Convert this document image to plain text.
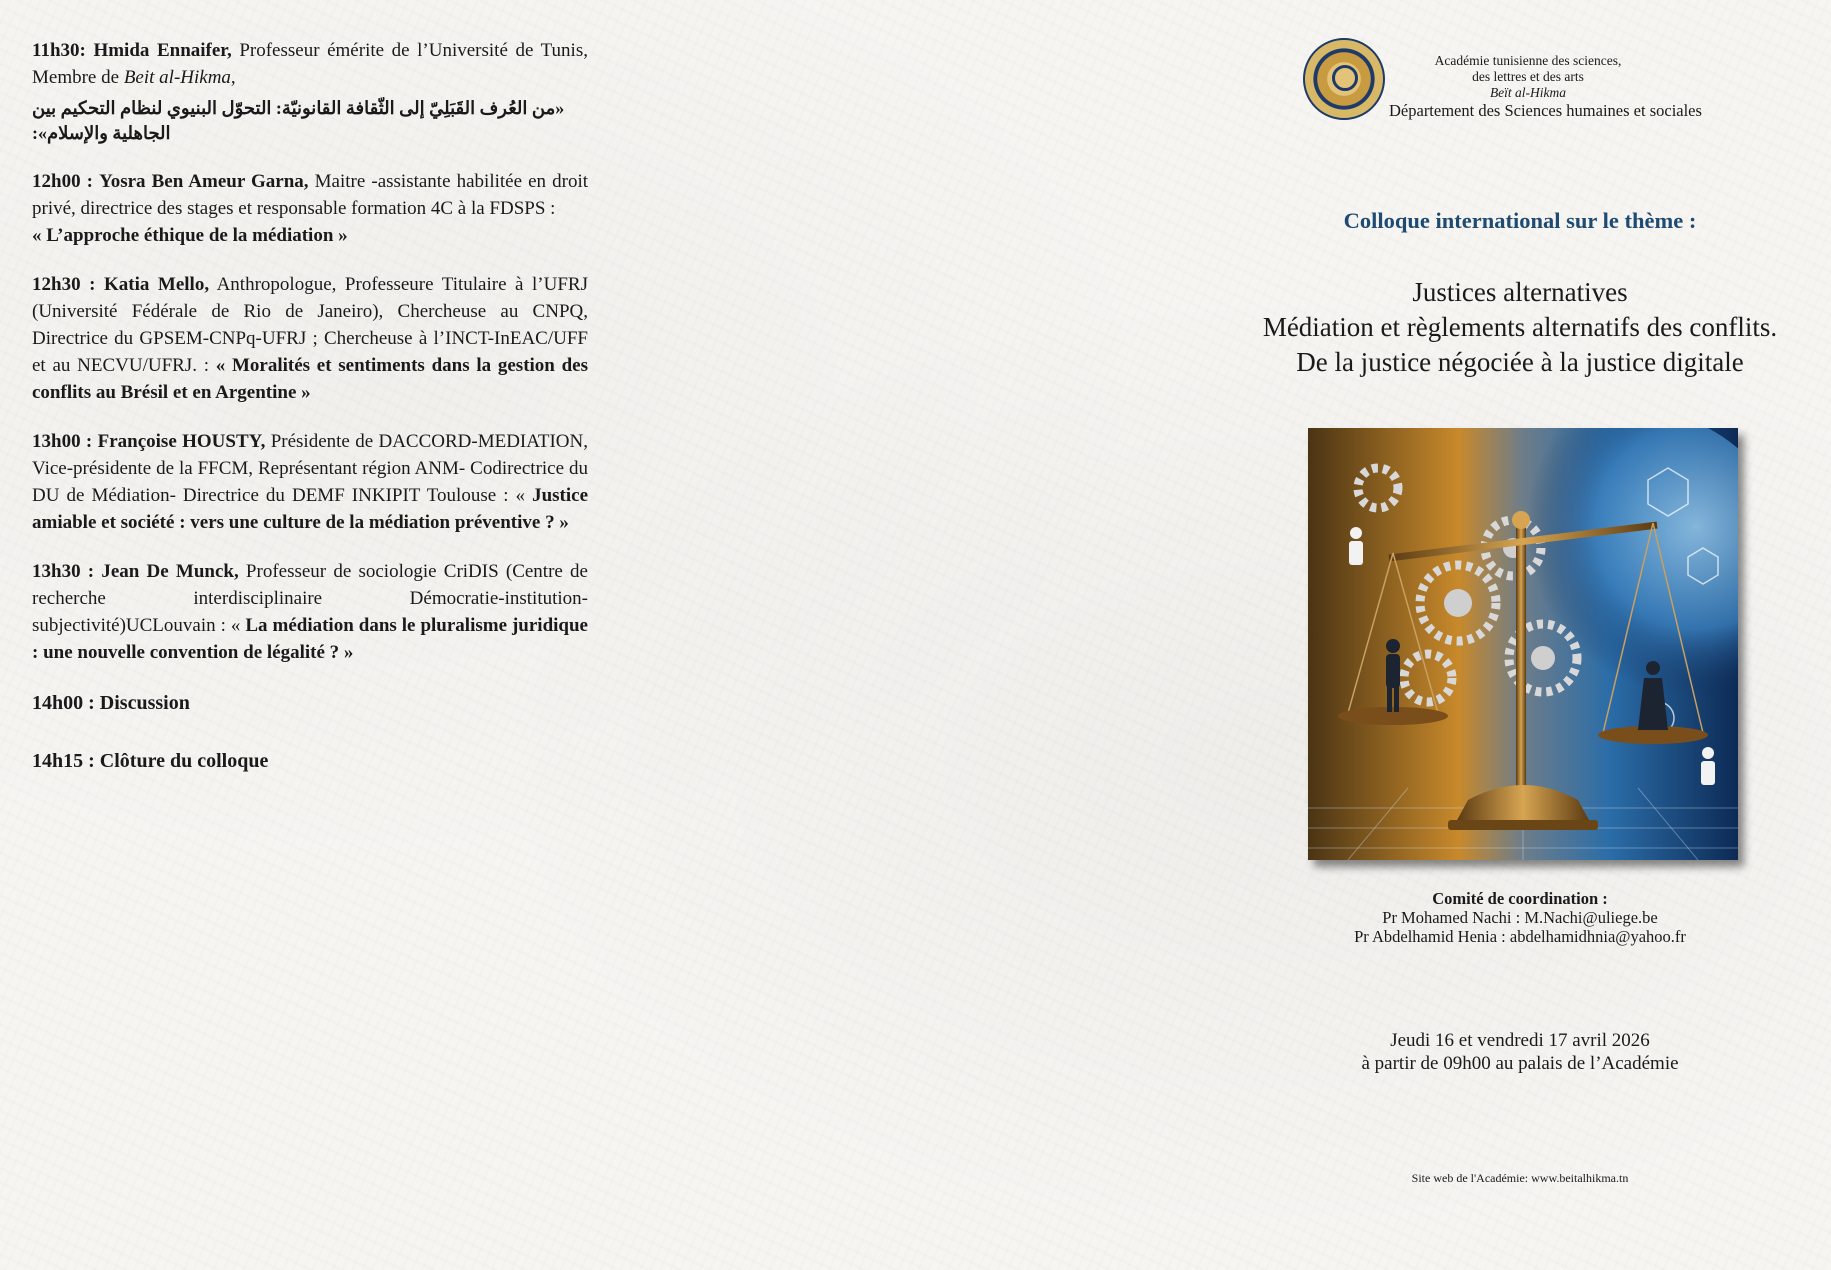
11h30: Hmida Ennaifer, Professeur émérite de l’Université de Tunis, Membre de Beit al-Hikma,
«من العُرف القَبَلِيّ إلى الثّقافة القانونيّة: التحوّل البنيوي لنظام التحكيم بين الجاهلية والإسلام»:
12h00 : Yosra Ben Ameur Garna, Maitre -assistante habilitée en droit privé, directrice des stages et responsable formation 4C à la FDSPS :
« L’approche éthique de la médiation »
12h30 : Katia Mello, Anthropologue, Professeure Titulaire à l’UFRJ (Université Fédérale de Rio de Janeiro), Chercheuse au CNPQ, Directrice du GPSEM-CNPq-UFRJ ; Chercheuse à l’INCT-InEAC/UFF et au NECVU/UFRJ. : « Moralités et sentiments dans la gestion des conflits au Brésil et en Argentine »
13h00 : Françoise HOUSTY, Présidente de DACCORD-MEDIATION, Vice-présidente de la FFCM, Représentant région ANM- Codirectrice du DU de Médiation- Directrice du DEMF INKIPIT Toulouse : « Justice amiable et société : vers une culture de la médiation préventive ? »
13h30 : Jean De Munck, Professeur de sociologie CriDIS (Centre de recherche interdisciplinaire Démocratie-institution-subjectivité)UCLouvain : « La médiation dans le pluralisme juridique : une nouvelle convention de légalité ? »
14h00 : Discussion
14h15 : Clôture du colloque
Académie tunisienne des sciences,
des lettres et des arts
Beït al-Hikma
Département des Sciences humaines et sociales
Colloque international sur le thème :
Justices alternatives
Médiation et règlements alternatifs des conflits.
De la justice négociée à la justice digitale
Comité de coordination :
Pr Mohamed Nachi : M.Nachi@uliege.be
Pr Abdelhamid Henia : abdelhamidhnia@yahoo.fr
Jeudi 16 et vendredi 17 avril 2026
à partir de 09h00 au palais de l’Académie
Site web de l'Académie: www.beitalhikma.tn
